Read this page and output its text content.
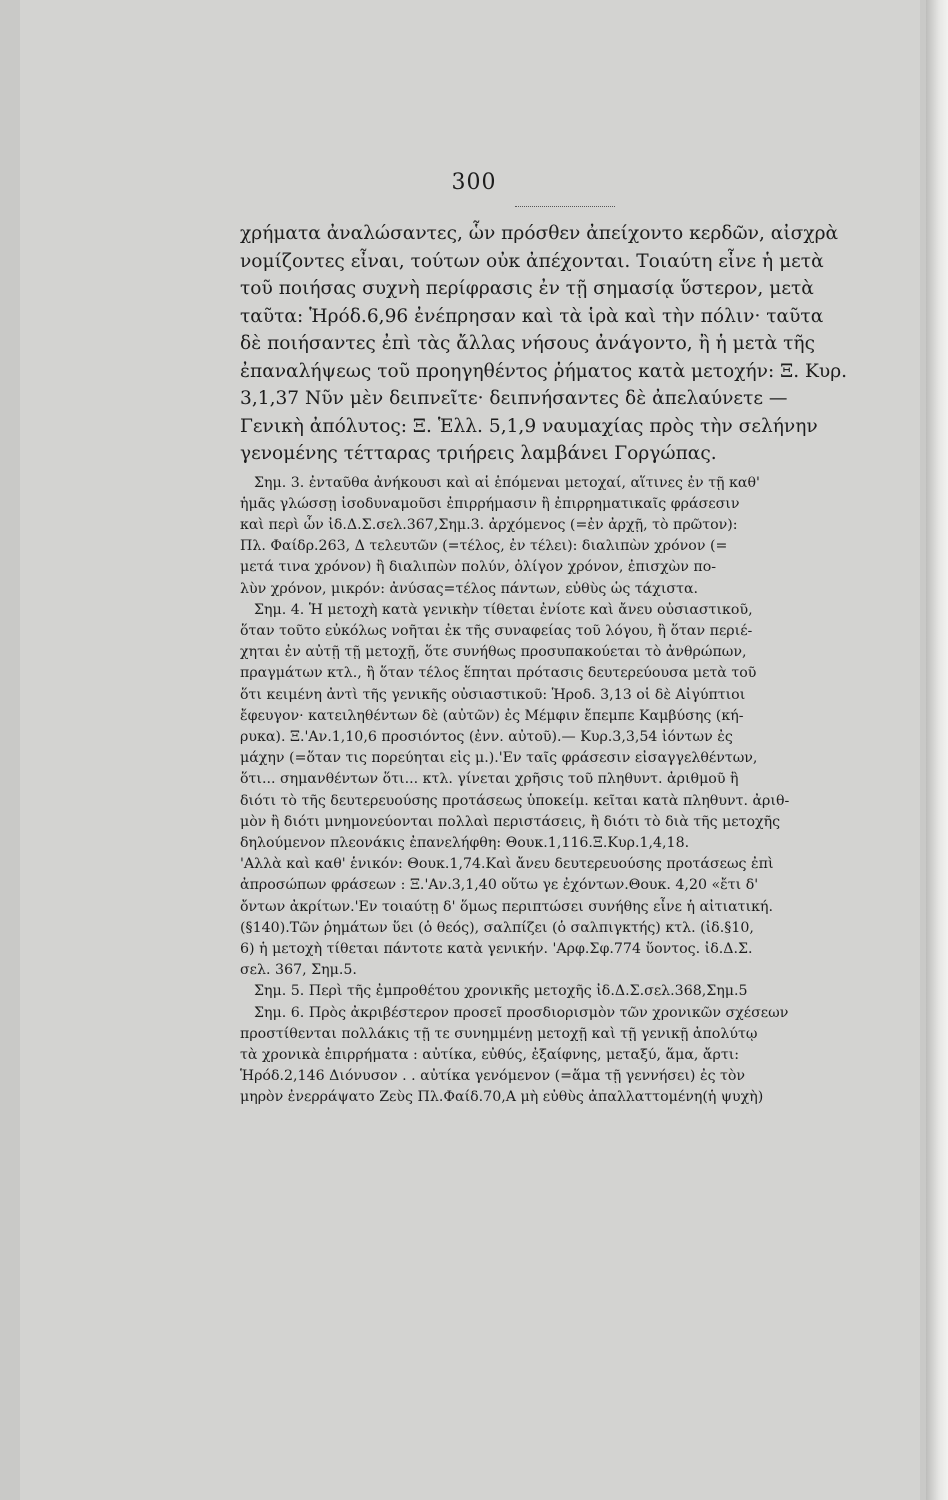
300
χρήματα ἀναλώσαντες, ὧν πρόσθεν ἀπείχοντο κερδῶν, αἰσχρὰ
νομίζοντες εἶναι, τούτων οὐκ ἀπέχονται. Τοιαύτη εἶνε ἡ μετὰ
τοῦ ποιήσας συχνὴ περίφρασις ἐν τῇ σημασίᾳ ὕστερον, μετὰ
ταῦτα: Ἡρόδ.6,96 ἐνέπρησαν καὶ τὰ ἱρὰ καὶ τὴν πόλιν· ταῦτα
δὲ ποιήσαντες ἐπὶ τὰς ἄλλας νήσους ἀνάγοντο, ἢ ἡ μετὰ τῆς
ἐπαναλήψεως τοῦ προηγηθέντος ῥήματος κατὰ μετοχήν: Ξ. Κυρ.
3,1,37 Νῦν μὲν δειπνεῖτε· δειπνήσαντες δὲ ἀπελαύνετε —
Γενικὴ ἀπόλυτος: Ξ. Ἑλλ. 5,1,9 ναυμαχίας πρὸς τὴν σελήνην
γενομένης τέτταρας τριήρεις λαμβάνει Γοργώπας.
Σημ. 3. ἐνταῦθα ἀνήκουσι καὶ αἱ ἑπόμεναι μετοχαί, αἵτινες ἐν τῇ καθ'
ἡμᾶς γλώσσῃ ἰσοδυναμοῦσι ἐπιρρήμασιν ἢ ἐπιρρηματικαῖς φράσεσιν
καὶ περὶ ὧν ἰδ.Δ.Σ.σελ.367,Σημ.3. ἀρχόμενος (=ἐν ἀρχῇ, τὸ πρῶτον):
Πλ. Φαίδρ.263, Δ τελευτῶν (=τέλος, ἐν τέλει): διαλιπὼν χρόνον (=
μετά τινα χρόνον) ἢ διαλιπὼν πολύν, ὀλίγον χρόνον, ἐπισχὼν πο-
λὺν χρόνον, μικρόν: ἀνύσας=τέλος πάντων, εὐθὺς ὡς τάχιστα.
Σημ. 4. Ἡ μετοχὴ κατὰ γενικὴν τίθεται ἐνίοτε καὶ ἄνευ οὐσιαστικοῦ,
ὅταν τοῦτο εὐκόλως νοῆται ἐκ τῆς συναφείας τοῦ λόγου, ἢ ὅταν περιέ-
χηται ἐν αὐτῇ τῇ μετοχῇ, ὅτε συνήθως προσυπακούεται τὸ ἀνθρώπων,
πραγμάτων κτλ., ἢ ὅταν τέλος ἕπηται πρότασις δευτερεύουσα μετὰ τοῦ
ὅτι κειμένη ἀντὶ τῆς γενικῆς οὐσιαστικοῦ: Ἡροδ. 3,13 οἱ δὲ Αἰγύπτιοι
ἔφευγον· κατειληθέντων δὲ (αὐτῶν) ἐς Μέμφιν ἔπεμπε Καμβύσης (κή-
ρυκα). Ξ.'Αν.1,10,6 προσιόντος (ἐνν. αὐτοῦ).— Κυρ.3,3,54 ἰόντων ἐς
μάχην (=ὅταν τις πορεύηται εἰς μ.).'Εν ταῖς φράσεσιν εἰσαγγελθέντων,
ὅτι... σημανθέντων ὅτι... κτλ. γίνεται χρῆσις τοῦ πληθυντ. ἀριθμοῦ ἢ
διότι τὸ τῆς δευτερευούσης προτάσεως ὑποκείμ. κεῖται κατὰ πληθυντ. ἀριθ-
μὸν ἢ διότι μνημονεύονται πολλαὶ περιστάσεις, ἢ διότι τὸ διὰ τῆς μετοχῆς
δηλούμενον πλεονάκις ἐπανελήφθη: Θουκ.1,116.Ξ.Κυρ.1,4,18.
'Αλλὰ καὶ καθ' ἑνικόν: Θουκ.1,74.Καὶ ἄνευ δευτερευούσης προτάσεως ἐπὶ
ἀπροσώπων φράσεων : Ξ.'Αν.3,1,40 οὕτω γε ἐχόντων.Θουκ. 4,20 «ἔτι δ'
ὄντων ἀκρίτων.'Εν τοιαύτῃ δ' ὅμως περιπτώσει συνήθης εἶνε ἡ αἰτιατική.
(§140).Τῶν ῥημάτων ὕει (ὁ θεός), σαλπίζει (ὁ σαλπιγκτής) κτλ. (ἰδ.§10,
6) ἡ μετοχὴ τίθεται πάντοτε κατὰ γενικήν. 'Αρφ.Σφ.774 ὕοντος. ἰδ.Δ.Σ.
σελ. 367, Σημ.5.
Σημ. 5. Περὶ τῆς ἐμπροθέτου χρονικῆς μετοχῆς ἰδ.Δ.Σ.σελ.368,Σημ.5
Σημ. 6. Πρὸς ἀκριβέστερον προσεῖ προσδιορισμὸν τῶν χρονικῶν σχέσεων
προστίθενται πολλάκις τῇ τε συνημμένῃ μετοχῇ καὶ τῇ γενικῇ ἀπολύτῳ
τὰ χρονικὰ ἐπιρρήματα : αὐτίκα, εὐθύς, ἐξαίφνης, μεταξύ, ἅμα, ἄρτι:
Ἡρόδ.2,146 Διόνυσον . . αὐτίκα γενόμενον (=ἅμα τῇ γεννήσει) ἐς τὸν
μηρὸν ἐνερράψατο Ζεὺς Πλ.Φαίδ.70,Α μὴ εὐθὺς ἀπαλλαττομένη(ἡ ψυχὴ)
